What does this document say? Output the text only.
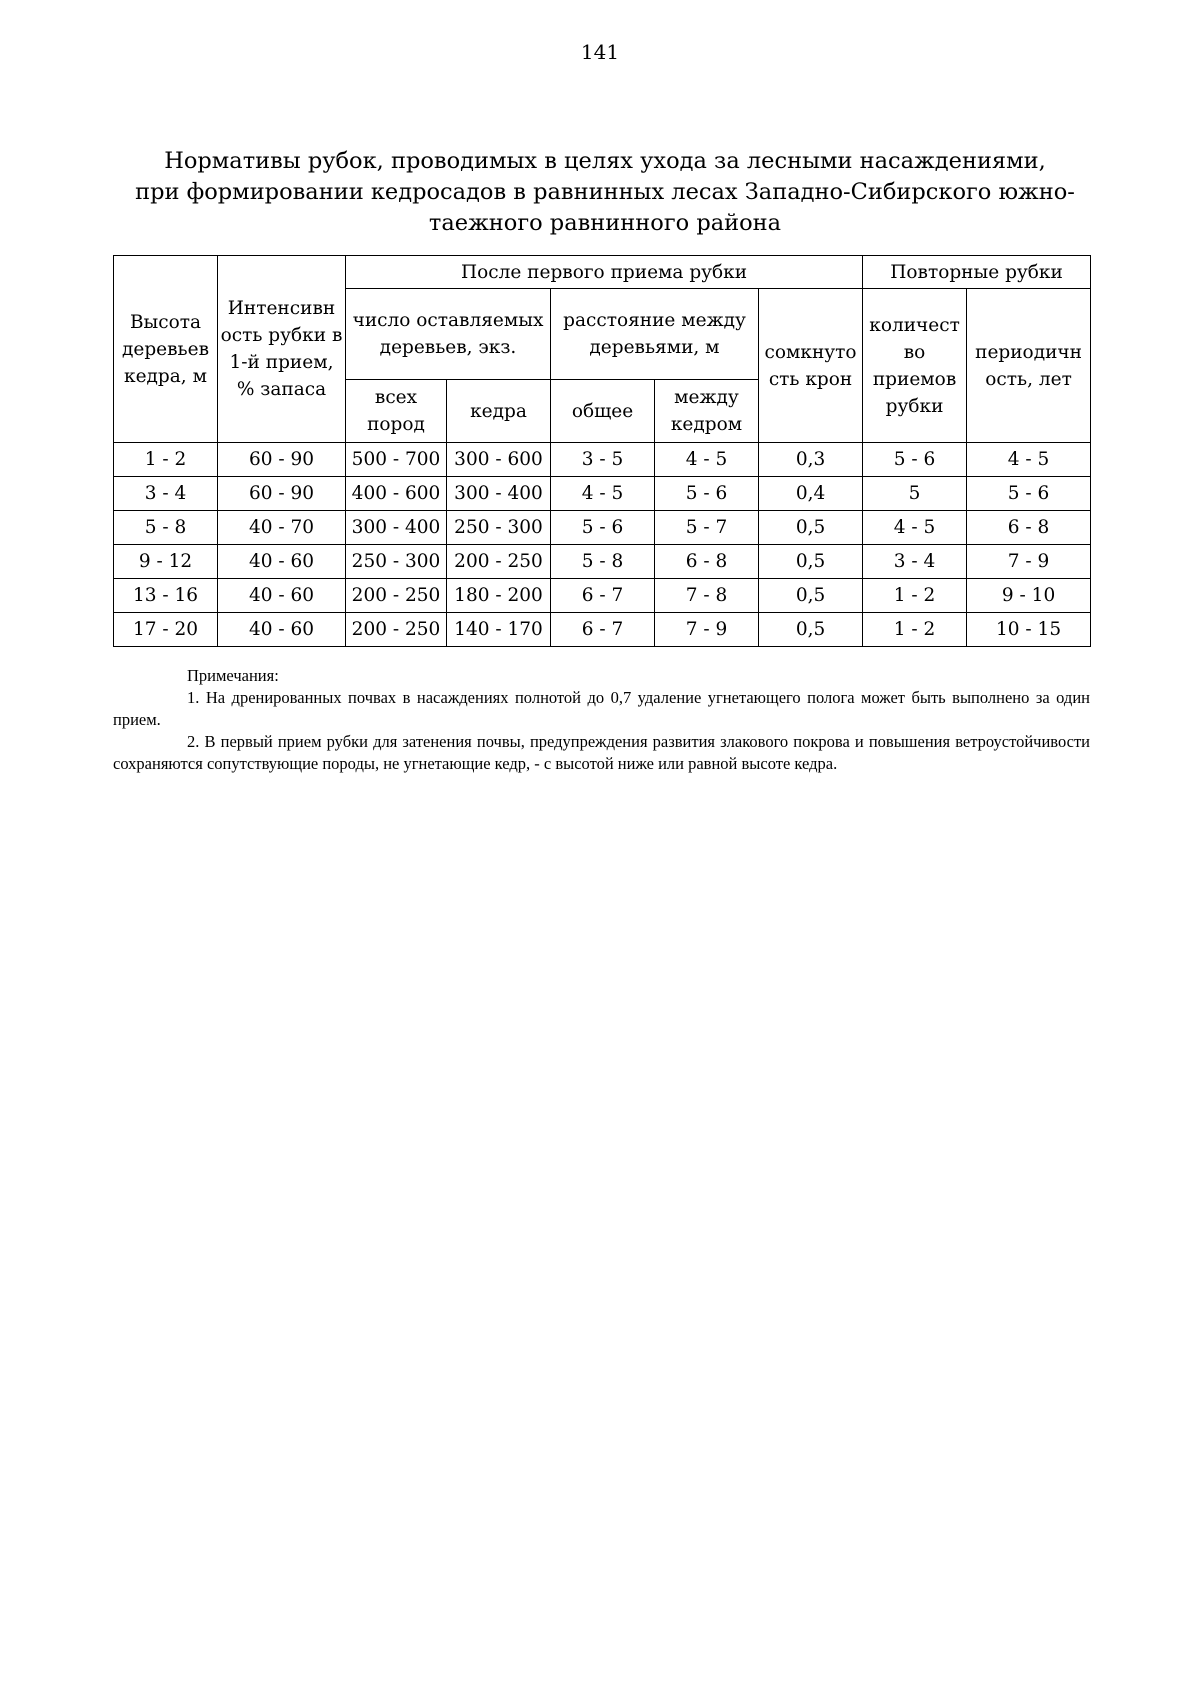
141
Нормативы рубок, проводимых в целях ухода за лесными насаждениями,
при формировании кедросадов в равнинных лесах Западно-Сибирского южно-
таежного равнинного района
Высота деревьев кедра, м	Интенсивн ость рубки в 1-й прием, % запаса	После первого приема рубки					Повторные рубки	
		число оставляемых деревьев, экз.		расстояние между деревьями, м		сомкнуто сть крон	количест во приемов рубки	периодичн ость, лет
		всех пород	кедра	общее	между кедром			
1 - 2	60 - 90	500 - 700	300 - 600	3 - 5	4 - 5	0,3	5 - 6	4 - 5
3 - 4	60 - 90	400 - 600	300 - 400	4 - 5	5 - 6	0,4	5	5 - 6
5 - 8	40 - 70	300 - 400	250 - 300	5 - 6	5 - 7	0,5	4 - 5	6 - 8
9 - 12	40 - 60	250 - 300	200 - 250	5 - 8	6 - 8	0,5	3 - 4	7 - 9
13 - 16	40 - 60	200 - 250	180 - 200	6 - 7	7 - 8	0,5	1 - 2	9 - 10
17 - 20	40 - 60	200 - 250	140 - 170	6 - 7	7 - 9	0,5	1 - 2	10 - 15

Примечания:

1. На дренированных почвах в насаждениях полнотой до 0,7 удаление угнетающего полога может быть выполнено за один прием.

2. В первый прием рубки для затенения почвы, предупреждения развития злакового покрова и повышения ветроустойчивости сохраняются сопутствующие породы, не угнетающие кедр, - с высотой ниже или равной высоте кедра.
